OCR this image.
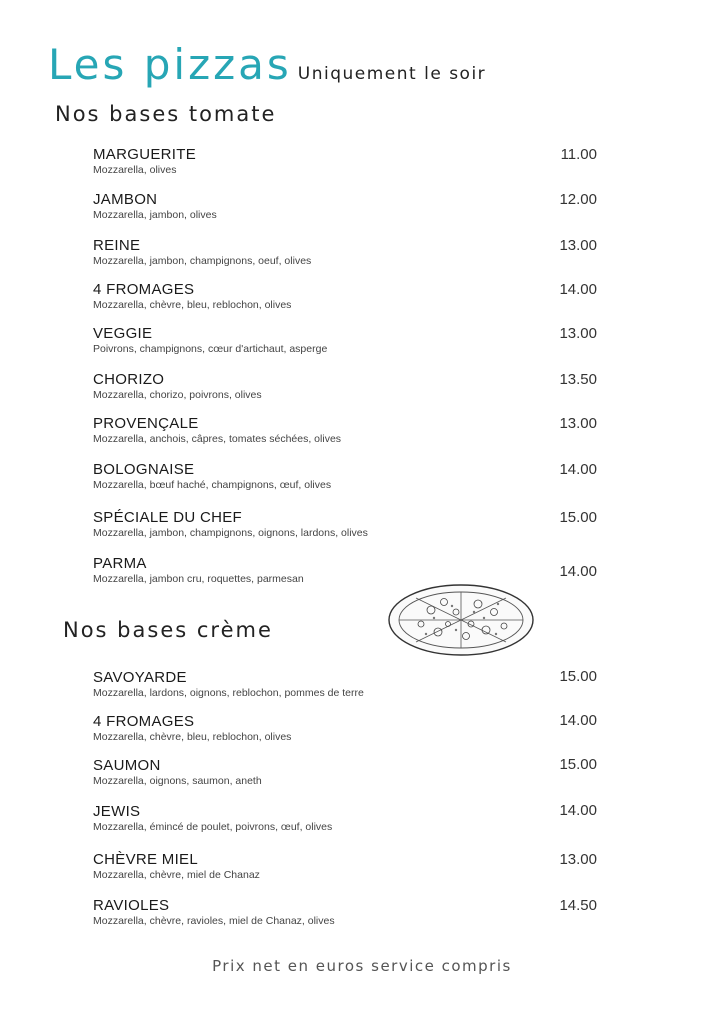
Les pizzas Uniquement le soir
Nos bases tomate
MARGUERITE
Mozzarella, olives
11.00
JAMBON
Mozzarella, jambon, olives
12.00
REINE
Mozzarella, jambon, champignons, oeuf, olives
13.00
4 FROMAGES
Mozzarella, chèvre, bleu, reblochon, olives
14.00
VEGGIE
Poivrons, champignons, cœur d'artichaut, asperge
13.00
CHORIZO
Mozzarella, chorizo, poivrons, olives
13.50
PROVENÇALE
Mozzarella, anchois, câpres, tomates séchées, olives
13.00
BOLOGNAISE
Mozzarella, bœuf haché, champignons, œuf, olives
14.00
SPÉCIALE DU CHEF
Mozzarella, jambon, champignons, oignons, lardons, olives
15.00
PARMA
Mozzarella, jambon cru, roquettes, parmesan	14.00
Nos bases crème
SAVOYARDE
Mozzarella, lardons, oignons, reblochon, pommes de terre
15.00
4 FROMAGES
Mozzarella, chèvre, bleu, reblochon, olives
14.00
SAUMON
Mozzarella, oignons, saumon, aneth
15.00
JEWIS
Mozzarella, émincé de poulet, poivrons, œuf, olives
14.00
CHÈVRE MIEL
Mozzarella, chèvre, miel de Chanaz
13.00
RAVIOLES
Mozzarella, chèvre, ravioles, miel de Chanaz, olives
14.50
Prix net en euros service compris
